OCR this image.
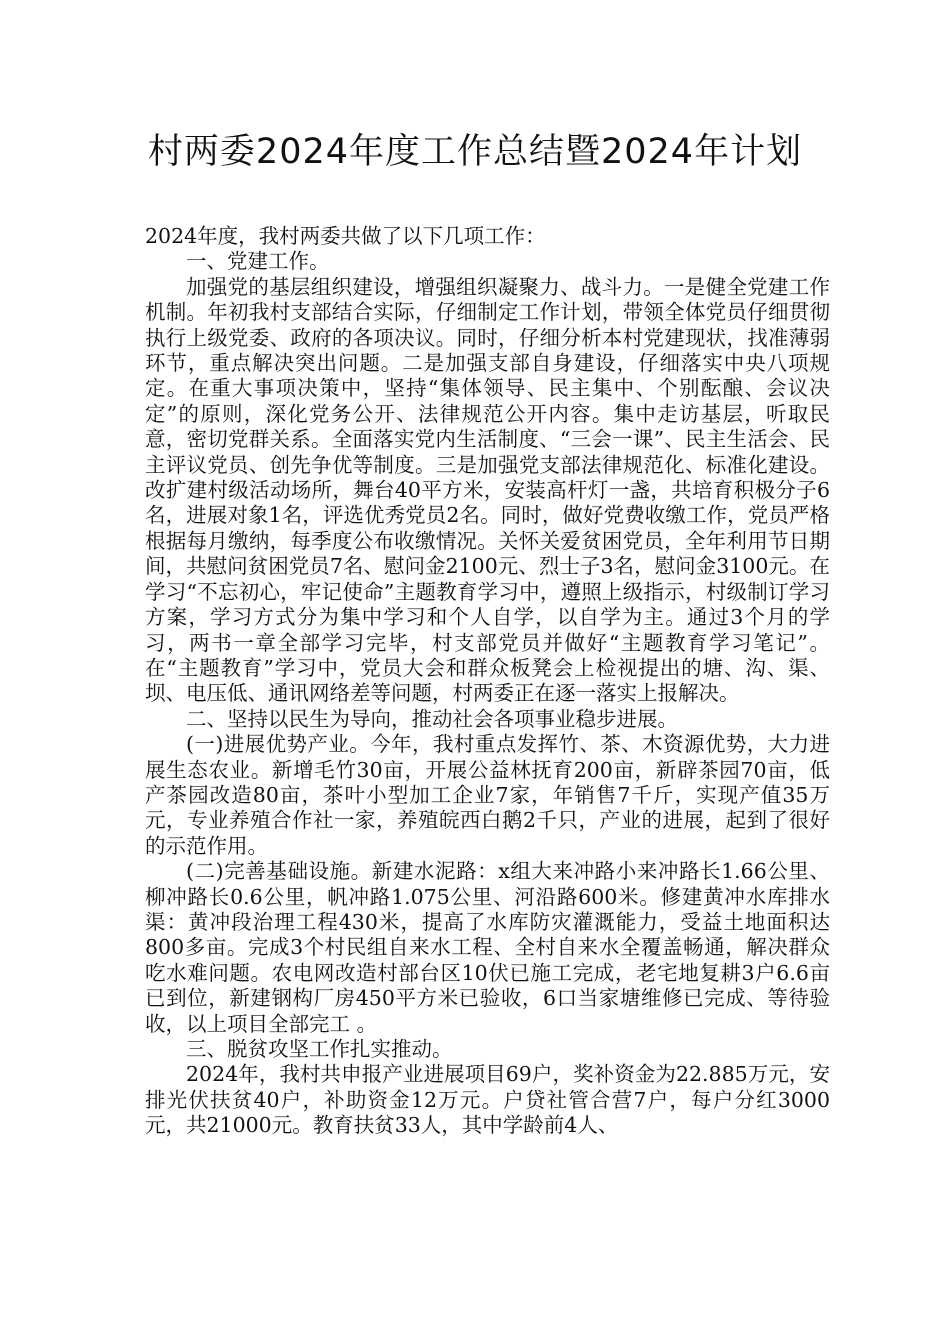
村两委2024年度工作总结暨2024年计划

2024年度，我村两委共做了以下几项工作：

一、党建工作。

加强党的基层组织建设，增强组织凝聚力、战斗力。一是健全党建工作机制。年初我村支部结合实际，仔细制定工作计划，带领全体党员仔细贯彻执行上级党委、政府的各项决议。同时，仔细分析本村党建现状，找准薄弱环节，重点解决突出问题。二是加强支部自身建设，仔细落实中央八项规定。在重大事项决策中，坚持“集体领导、民主集中、个别酝酿、会议决定”的原则，深化党务公开、法律规范公开内容。集中走访基层，听取民意，密切党群关系。全面落实党内生活制度、“三会一课”、民主生活会、民主评议党员、创先争优等制度。三是加强党支部法律规范化、标准化建设。改扩建村级活动场所，舞台40平方米，安装高杆灯一盏，共培育积极分子6名，进展对象1名，评选优秀党员2名。同时，做好党费收缴工作，党员严格根据每月缴纳，每季度公布收缴情况。关怀关爱贫困党员，全年利用节日期间，共慰问贫困党员7名、慰问金2100元、烈士子3名，慰问金3100元。在学习“不忘初心，牢记使命”主题教育学习中，遵照上级指示，村级制订学习方案，学习方式分为集中学习和个人自学，以自学为主。通过3个月的学习，两书一章全部学习完毕，村支部党员并做好“主题教育学习笔记”。在“主题教育”学习中，党员大会和群众板凳会上检视提出的塘、沟、渠、坝、电压低、通讯网络差等问题，村两委正在逐一落实上报解决。

二、坚持以民生为导向，推动社会各项事业稳步进展。

(一)进展优势产业。今年，我村重点发挥竹、茶、木资源优势，大力进展生态农业。新增毛竹30亩，开展公益林抚育200亩，新辟茶园70亩，低产茶园改造80亩，茶叶小型加工企业7家，年销售7千斤，实现产值35万元，专业养殖合作社一家，养殖皖西白鹅2千只，产业的进展，起到了很好的示范作用。

(二)完善基础设施。新建水泥路：x组大来冲路小来冲路长1.66公里、柳冲路长0.6公里，帆冲路1.075公里、河沿路600米。修建黄冲水库排水渠：黄冲段治理工程430米，提高了水库防灾灌溉能力，受益土地面积达800多亩。完成3个村民组自来水工程、全村自来水全覆盖畅通，解决群众吃水难问题。农电网改造村部台区10伏已施工完成，老宅地复耕3户6.6亩已到位，新建钢构厂房450平方米已验收，6口当家塘维修已完成、等待验收，以上项目全部完工 。

三、脱贫攻坚工作扎实推动。

2024年，我村共申报产业进展项目69户，奖补资金为22.885万元，安排光伏扶贫40户，补助资金12万元。户贷社管合营7户，每户分红3000元，共21000元。教育扶贫33人，其中学龄前4人、
